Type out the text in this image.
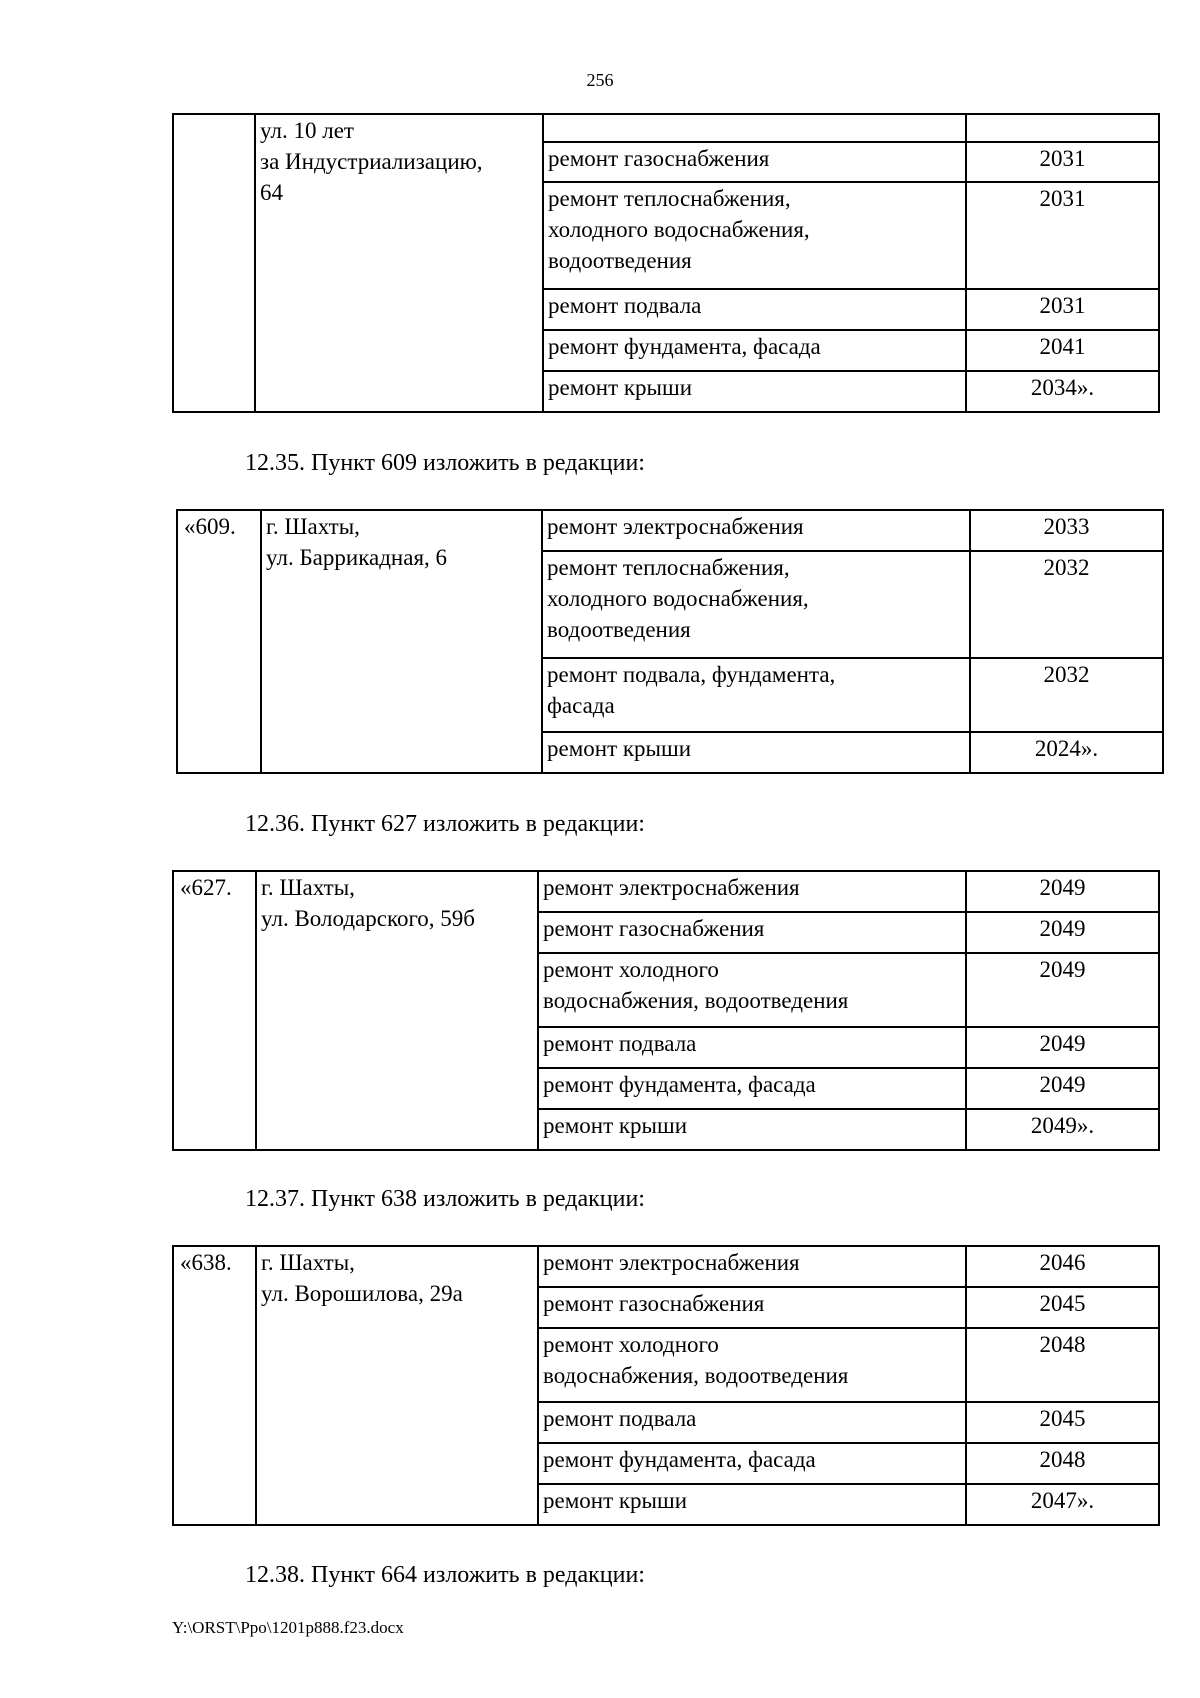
256

	ул. 10 лет
за Индустриализацию,
64		

		ремонт газоснабжения	2031
		ремонт теплоснабжения,
холодного водоснабжения,
водоотведения	2031
		ремонт подвала	2031
		ремонт фундамента, фасада	2041
		ремонт крыши	2034».
12.35. Пункт 609 изложить в редакции:
«609.	г. Шахты,
ул. Баррикадная, 6	ремонт электроснабжения	2033
		ремонт теплоснабжения,
холодного водоснабжения,
водоотведения	2032
		ремонт подвала, фундамента,
фасада	2032
		ремонт крыши	2024».
12.36. Пункт 627 изложить в редакции:
«627.	г. Шахты,
ул. Володарского, 59б	ремонт электроснабжения	2049
		ремонт газоснабжения	2049
		ремонт холодного
водоснабжения, водоотведения	2049
		ремонт подвала	2049
		ремонт фундамента, фасада	2049
		ремонт крыши	2049».
12.37. Пункт 638 изложить в редакции:
«638.	г. Шахты,
ул. Ворошилова, 29а	ремонт электроснабжения	2046
		ремонт газоснабжения	2045
		ремонт холодного
водоснабжения, водоотведения	2048
		ремонт подвала	2045
		ремонт фундамента, фасада	2048
		ремонт крыши	2047».
12.38. Пункт 664 изложить в редакции:
Y:\ORST\Ppo\1201p888.f23.docx
